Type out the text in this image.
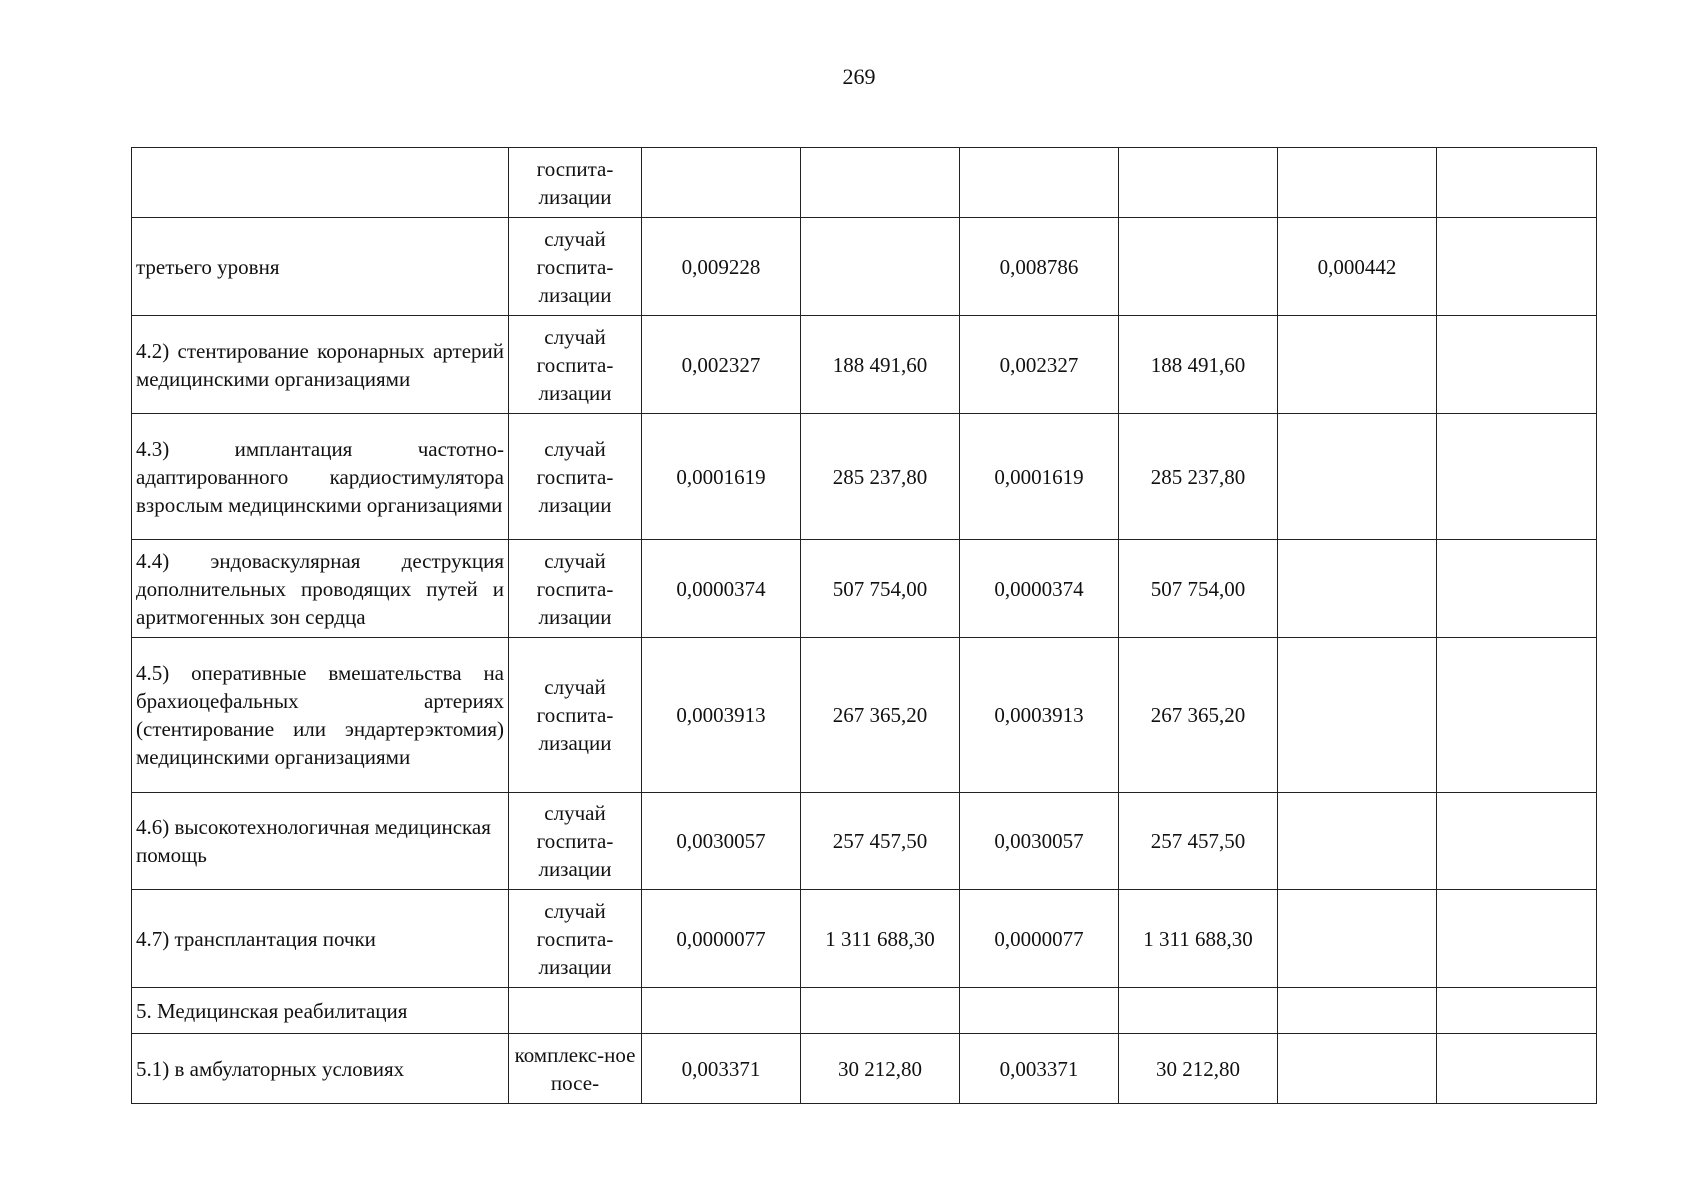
269
	госпита-лизации						
третьего уровня	случай госпита-лизации	0,009228		0,008786		0,000442	
4.2) стентирование коронарных артерий медицинскими организациями	случай госпита-лизации	0,002327	188 491,60	0,002327	188 491,60		
4.3) имплантация частотно-адаптированного кардиостимулятора взрослым медицинскими организациями	случай госпита-лизации	0,0001619	285 237,80	0,0001619	285 237,80		
4.4) эндоваскулярная деструкция дополнительных проводящих путей и аритмогенных зон сердца	случай госпита-лизации	0,0000374	507 754,00	0,0000374	507 754,00		
4.5) оперативные вмешательства на брахиоцефальных артериях (стентирование или эндартерэктомия) медицинскими организациями	случай госпита-лизации	0,0003913	267 365,20	0,0003913	267 365,20		
4.6) высокотехнологичная медицинская помощь	случай госпита-лизации	0,0030057	257 457,50	0,0030057	257 457,50		
4.7) трансплантация почки	случай госпита-лизации	0,0000077	1 311 688,30	0,0000077	1 311 688,30		
5. Медицинская реабилитация							
5.1) в амбулаторных условиях	комплекс-ное посе-	0,003371	30 212,80	0,003371	30 212,80		
